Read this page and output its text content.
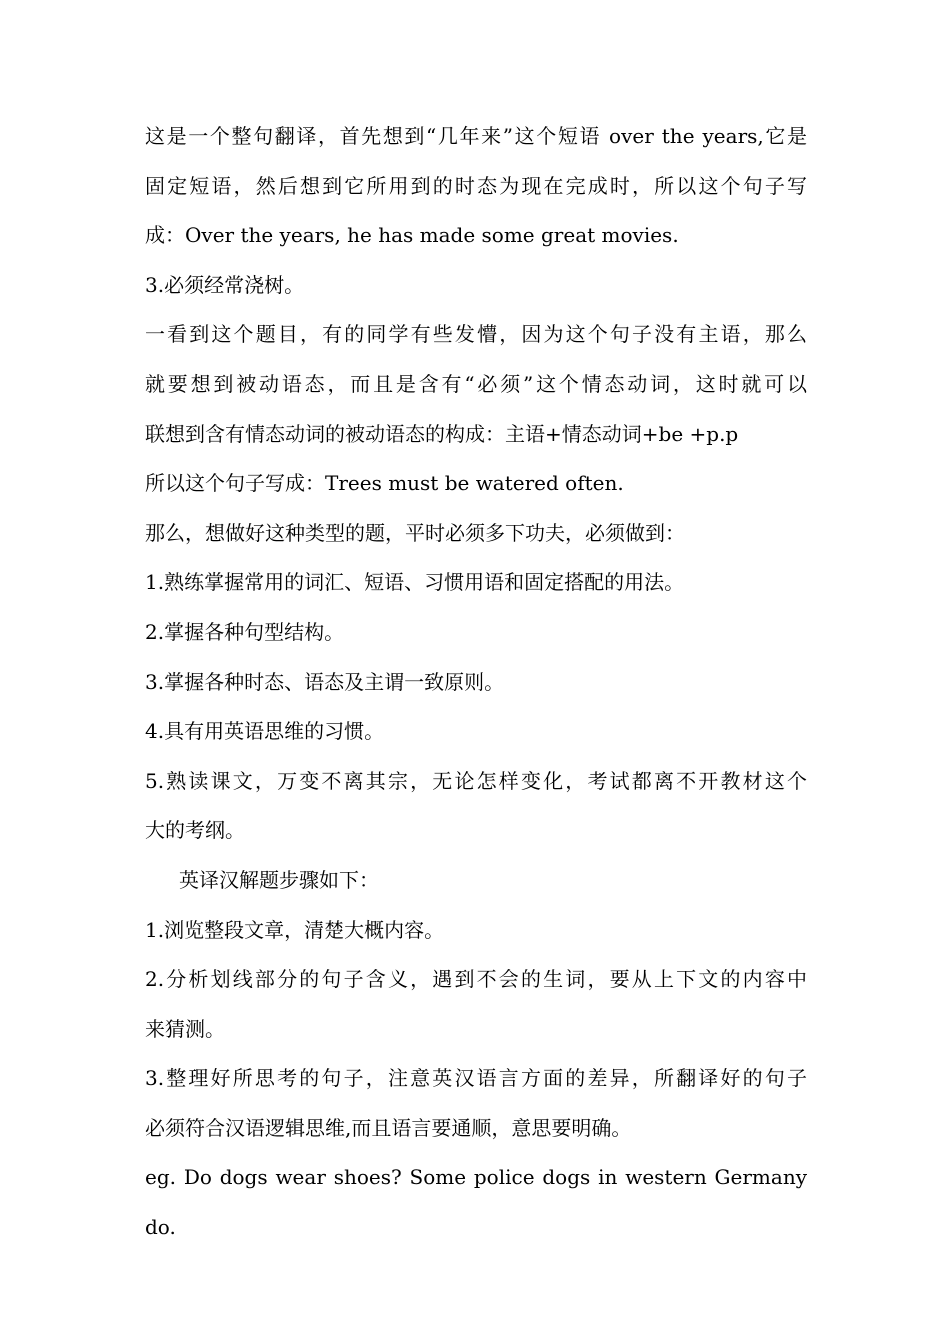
这是一个整句翻译，首先想到“几年来”这个短语 over the years,它是
固定短语，然后想到它所用到的时态为现在完成时，所以这个句子写
成：Over the years, he has made some great movies.
3.必须经常浇树。
一看到这个题目，有的同学有些发懵，因为这个句子没有主语，那么
就要想到被动语态，而且是含有“必须”这个情态动词，这时就可以
联想到含有情态动词的被动语态的构成：主语+情态动词+be +p.p
所以这个句子写成：Trees must be watered often.
那么，想做好这种类型的题，平时必须多下功夫，必须做到：
1.熟练掌握常用的词汇、短语、习惯用语和固定搭配的用法。
2.掌握各种句型结构。
3.掌握各种时态、语态及主谓一致原则。
4.具有用英语思维的习惯。
5.熟读课文，万变不离其宗，无论怎样变化，考试都离不开教材这个
大的考纲。
英译汉解题步骤如下：
1.浏览整段文章，清楚大概内容。
2.分析划线部分的句子含义，遇到不会的生词，要从上下文的内容中
来猜测。
3.整理好所思考的句子，注意英汉语言方面的差异，所翻译好的句子
必须符合汉语逻辑思维,而且语言要通顺，意思要明确。
eg. Do dogs wear shoes? Some police dogs in western Germany do.
